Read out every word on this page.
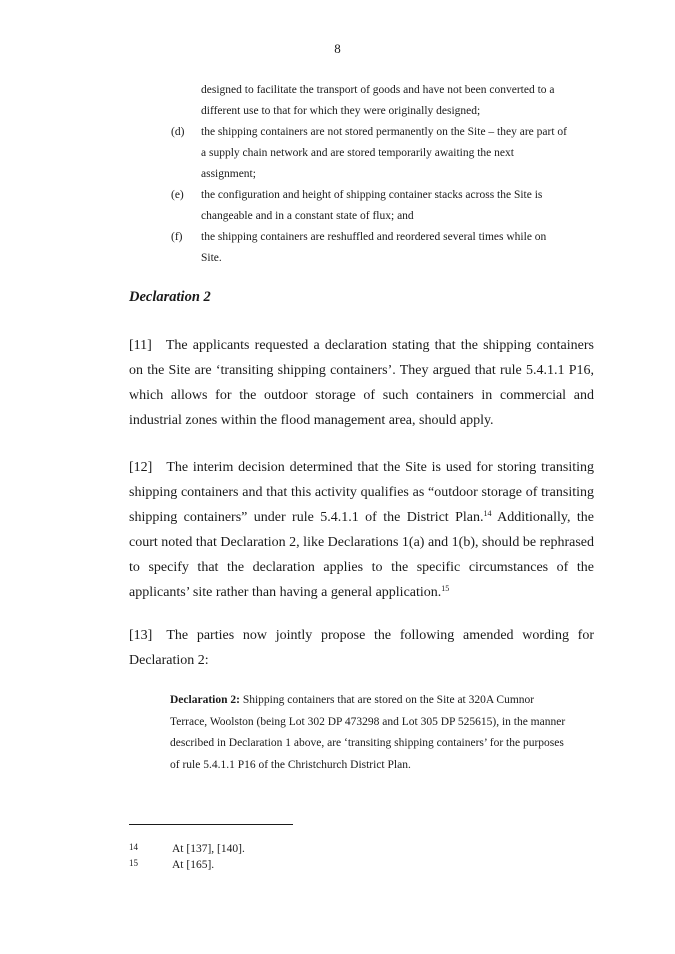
8
designed to facilitate the transport of goods and have not been converted to a different use to that for which they were originally designed;
(d) the shipping containers are not stored permanently on the Site – they are part of a supply chain network and are stored temporarily awaiting the next assignment;
(e) the configuration and height of shipping container stacks across the Site is changeable and in a constant state of flux; and
(f) the shipping containers are reshuffled and reordered several times while on Site.
Declaration 2
[11] The applicants requested a declaration stating that the shipping containers on the Site are ‘transiting shipping containers’. They argued that rule 5.4.1.1 P16, which allows for the outdoor storage of such containers in commercial and industrial zones within the flood management area, should apply.
[12] The interim decision determined that the Site is used for storing transiting shipping containers and that this activity qualifies as “outdoor storage of transiting shipping containers” under rule 5.4.1.1 of the District Plan.$^{14}$ Additionally, the court noted that Declaration 2, like Declarations 1(a) and 1(b), should be rephrased to specify that the declaration applies to the specific circumstances of the applicants’ site rather than having a general application.$^{15}$
[13] The parties now jointly propose the following amended wording for Declaration 2:
Declaration 2: Shipping containers that are stored on the Site at 320A Cumnor Terrace, Woolston (being Lot 302 DP 473298 and Lot 305 DP 525615), in the manner described in Declaration 1 above, are ‘transiting shipping containers’ for the purposes of rule 5.4.1.1 P16 of the Christchurch District Plan.
14	At [137], [140].
15	At [165].
